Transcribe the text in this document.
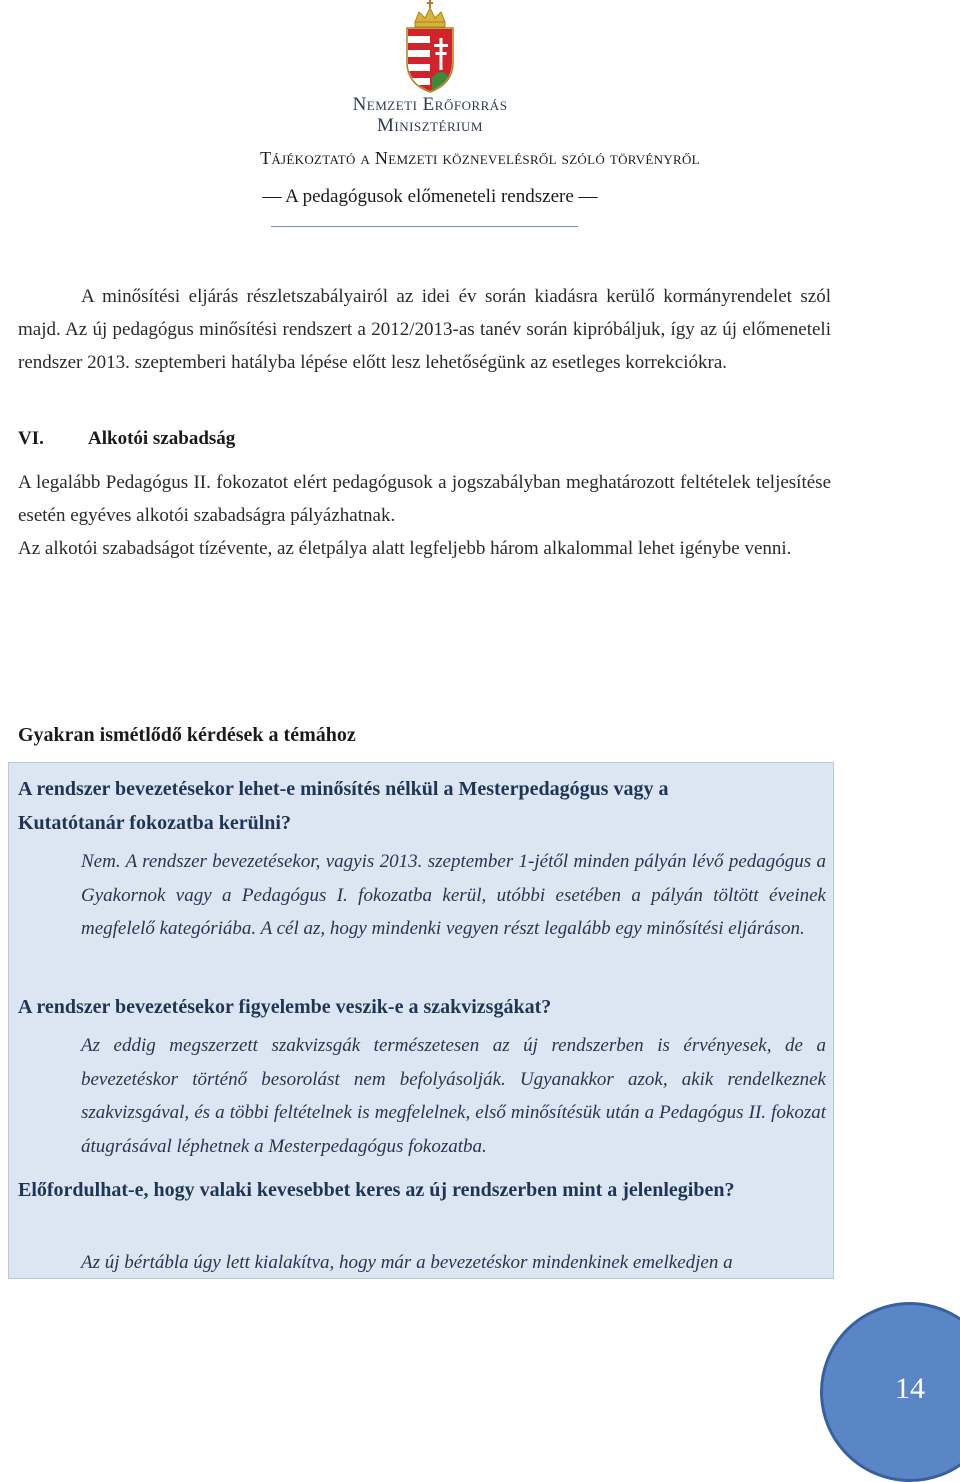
Nemzeti Erőforrás
Minisztérium
Tájékoztató a Nemzeti köznevelésről szóló törvényről
— A pedagógusok előmeneteli rendszere —
A minősítési eljárás részletszabályairól az idei év során kiadásra kerülő kormányrendelet szól majd. Az új pedagógus minősítési rendszert a 2012/2013-as tanév során kipróbáljuk, így az új előmeneteli rendszer 2013. szeptemberi hatályba lépése előtt lesz lehetőségünk az esetleges korrekciókra.
VI. Alkotói szabadság
A legalább Pedagógus II. fokozatot elért pedagógusok a jogszabályban meghatározott feltételek teljesítése esetén egyéves alkotói szabadságra pályázhatnak.
Az alkotói szabadságot tízévente, az életpálya alatt legfeljebb három alkalommal lehet igénybe venni.
Gyakran ismétlődő kérdések a témához
A rendszer bevezetésekor lehet-e minősítés nélkül a Mesterpedagógus vagy a Kutatótanár fokozatba kerülni?
Nem. A rendszer bevezetésekor, vagyis 2013. szeptember 1-jétől minden pályán lévő pedagógus a Gyakornok vagy a Pedagógus I. fokozatba kerül, utóbbi esetében a pályán töltött éveinek megfelelő kategóriába. A cél az, hogy mindenki vegyen részt legalább egy minősítési eljáráson.
A rendszer bevezetésekor figyelembe veszik-e a szakvizsgákat?
Az eddig megszerzett szakvizsgák természetesen az új rendszerben is érvényesek, de a bevezetéskor történő besorolást nem befolyásolják. Ugyanakkor azok, akik rendelkeznek szakvizsgával, és a többi feltételnek is megfelelnek, első minősítésük után a Pedagógus II. fokozat átugrásával léphetnek a Mesterpedagógus fokozatba.
Előfordulhat-e, hogy valaki kevesebbet keres az új rendszerben mint a jelenlegiben?
Az új bértábla úgy lett kialakítva, hogy már a bevezetéskor mindenkinek emelkedjen a
14
